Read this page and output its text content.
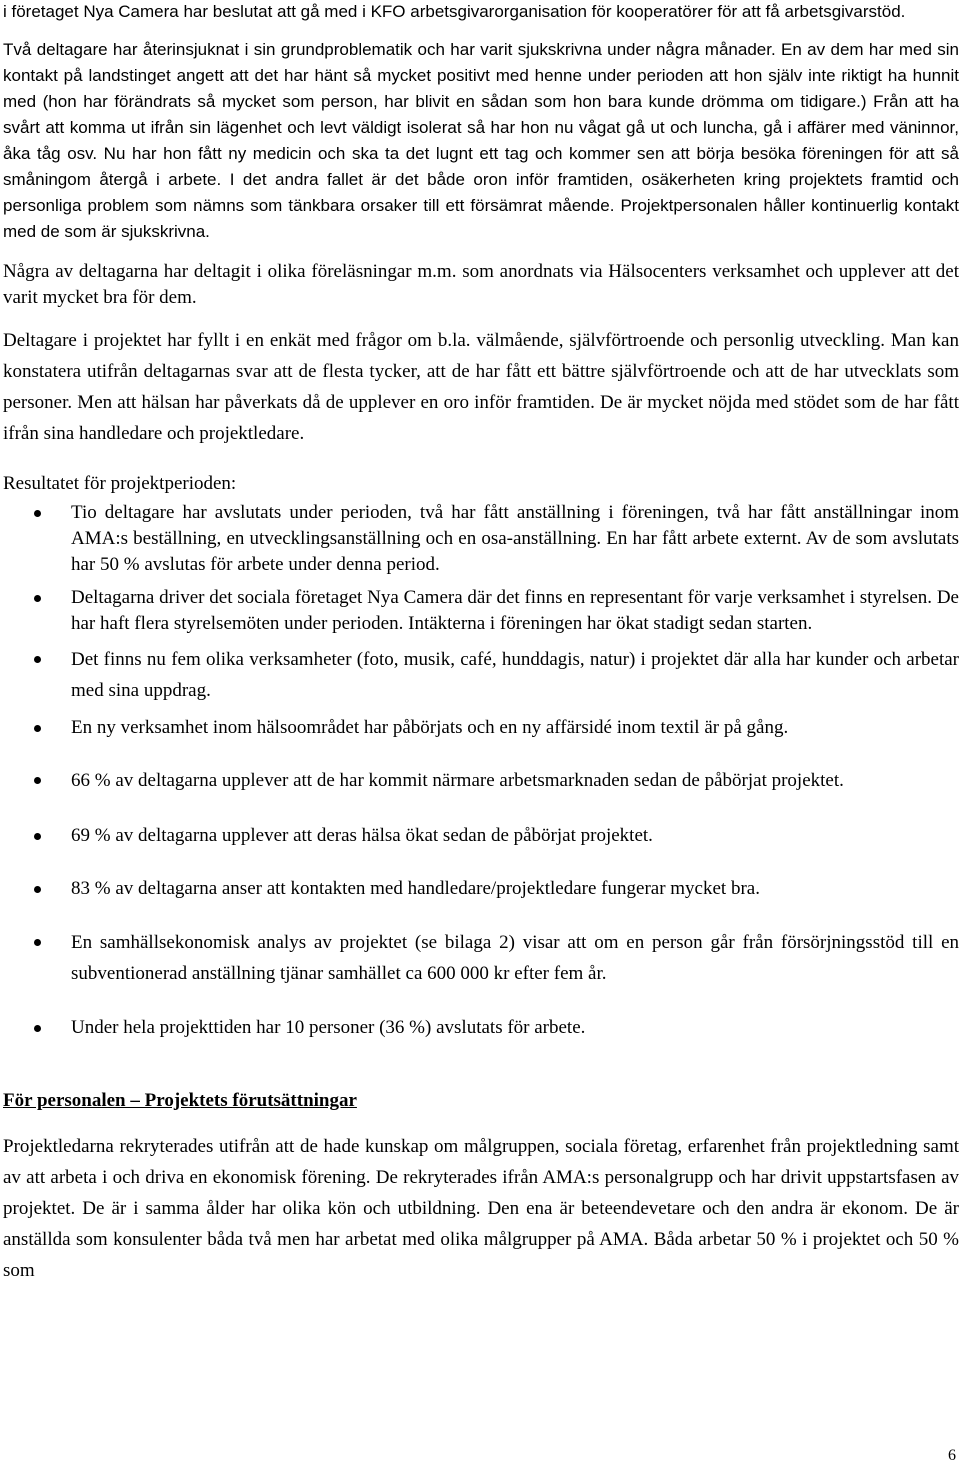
i företaget Nya Camera har beslutat att gå med i KFO arbetsgivarorganisation för kooperatörer för att få arbetsgivarstöd.

Två deltagare har återinsjuknat i sin grundproblematik och har varit sjukskrivna under några månader. En av dem har med sin kontakt på landstinget angett att det har hänt så mycket positivt med henne under perioden att hon själv inte riktigt ha hunnit med (hon har förändrats så mycket som person, har blivit en sådan som hon bara kunde drömma om tidigare.) Från att ha svårt att komma ut ifrån sin lägenhet och levt väldigt isolerat så har hon nu vågat gå ut och luncha, gå i affärer med väninnor, åka tåg osv. Nu har hon fått ny medicin och ska ta det lugnt ett tag och kommer sen att börja besöka föreningen för att så småningom återgå i arbete. I det andra fallet är det både oron inför framtiden, osäkerheten kring projektets framtid och personliga problem som nämns som tänkbara orsaker till ett försämrat mående. Projektpersonalen håller kontinuerlig kontakt med de som är sjukskrivna.

Några av deltagarna har deltagit i olika föreläsningar m.m. som anordnats via Hälsocenters verksamhet och upplever att det varit mycket bra för dem.

Deltagare i projektet har fyllt i en enkät med frågor om b.la. välmående, självförtroende och personlig utveckling. Man kan konstatera utifrån deltagarnas svar att de flesta tycker, att de har fått ett bättre självförtroende och att de har utvecklats som personer. Men att hälsan har påverkats då de upplever en oro inför framtiden. De är mycket nöjda med stödet som de har fått ifrån sina handledare och projektledare.

Resultatet för projektperioden:

Tio deltagare har avslutats under perioden, två har fått anställning i föreningen, två har fått anställningar inom AMA:s beställning, en utvecklingsanställning och en osa-anställning. En har fått arbete externt. Av de som avslutats har 50 % avslutas för arbete under denna period.
Deltagarna driver det sociala företaget Nya Camera där det finns en representant för varje verksamhet i styrelsen. De har haft flera styrelsemöten under perioden. Intäkterna i föreningen har ökat stadigt sedan starten.
Det finns nu fem olika verksamheter (foto, musik, café, hunddagis, natur) i projektet där alla har kunder och arbetar med sina uppdrag.
En ny verksamhet inom hälsoområdet har påbörjats och en ny affärsidé inom textil är på gång.
66 % av deltagarna upplever att de har kommit närmare arbetsmarknaden sedan de påbörjat projektet.
69 % av deltagarna upplever att deras hälsa ökat sedan de påbörjat projektet.
83 % av deltagarna anser att kontakten med handledare/projektledare fungerar mycket bra.
En samhällsekonomisk analys av projektet (se bilaga 2) visar att om en person går från försörjningsstöd till en subventionerad anställning tjänar samhället ca 600 000 kr efter fem år.
Under hela projekttiden har 10 personer (36 %) avslutats för arbete.

För personalen – Projektets förutsättningar

Projektledarna rekryterades utifrån att de hade kunskap om målgruppen, sociala företag, erfarenhet från projektledning samt av att arbeta i och driva en ekonomisk förening. De rekryterades ifrån AMA:s personalgrupp och har drivit uppstartsfasen av projektet. De är i samma ålder har olika kön och utbildning. Den ena är beteendevetare och den andra är ekonom. De är anställda som konsulenter båda två men har arbetat med olika målgrupper på AMA. Båda arbetar 50 % i projektet och 50 % som

6
